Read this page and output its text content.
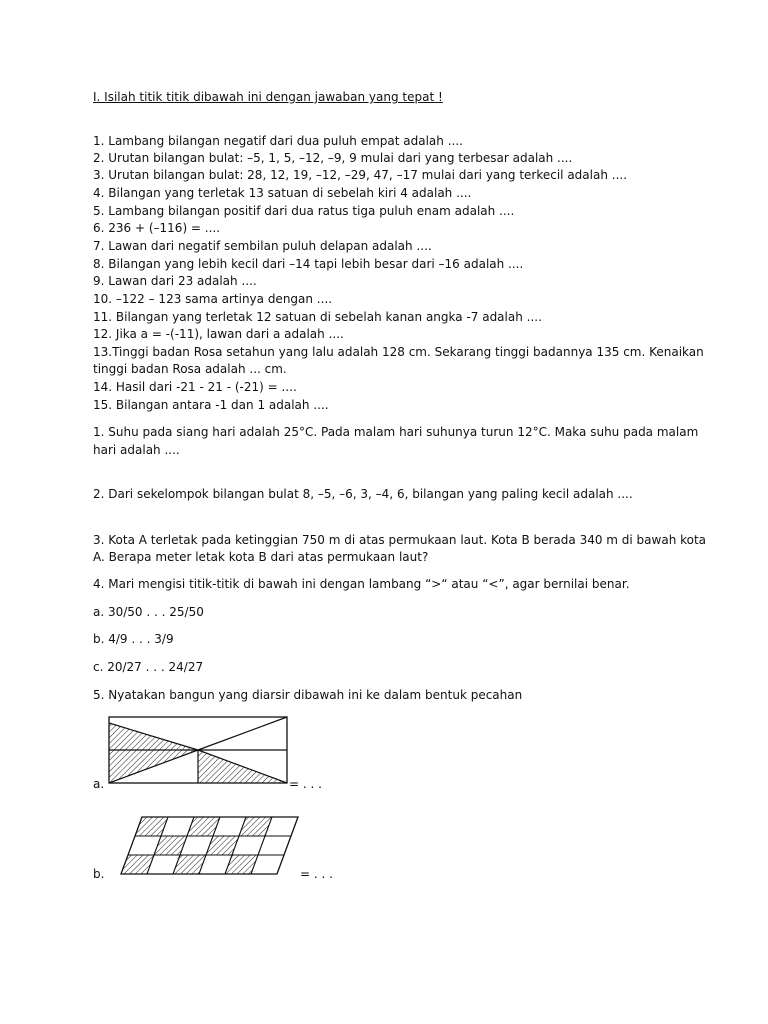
I. Isilah titik titik dibawah ini dengan jawaban yang tepat !
1. Lambang bilangan negatif dari dua puluh empat adalah ....
2. Urutan bilangan bulat: –5, 1, 5, –12, –9, 9 mulai dari yang terbesar adalah ....
3. Urutan bilangan bulat: 28, 12, 19, –12, –29, 47, –17 mulai dari yang terkecil adalah ....
4. Bilangan yang terletak 13 satuan di sebelah kiri 4 adalah ....
5. Lambang bilangan positif dari dua ratus tiga puluh enam adalah ....
6. 236 + (–116) = ....
7. Lawan dari negatif sembilan puluh delapan adalah ....
8. Bilangan yang lebih kecil dari –14 tapi lebih besar dari –16 adalah ....
9. Lawan dari 23 adalah ....
10. –122 – 123 sama artinya dengan ....
11. Bilangan yang terletak 12 satuan di sebelah kanan angka -7 adalah ....
12. Jika a = -(-11), lawan dari a adalah ....
13.Tinggi badan Rosa setahun yang lalu adalah 128 cm. Sekarang tinggi badannya 135 cm. Kenaikan
tinggi badan Rosa adalah ... cm.
14. Hasil dari -21 - 21 - (-21) = ....
15. Bilangan antara -1 dan 1 adalah ....
1. Suhu pada siang hari adalah 25°C. Pada malam hari suhunya turun 12°C. Maka suhu pada malam
hari adalah ....
2. Dari sekelompok bilangan bulat 8, –5, –6, 3, –4, 6, bilangan yang paling kecil adalah ....
3. Kota A terletak pada ketinggian 750 m di atas permukaan laut. Kota B berada 340 m di bawah kota
A. Berapa meter letak kota B dari atas permukaan laut?
4. Mari mengisi titik-titik di bawah ini dengan lambang “>“ atau “<”, agar bernilai benar.
a. 30/50 . . . 25/50
b. 4/9 . . . 3/9
c. 20/27 . . . 24/27
5. Nyatakan bangun yang diarsir dibawah ini ke dalam bentuk pecahan
a.	= . . .
b.	= . . .
